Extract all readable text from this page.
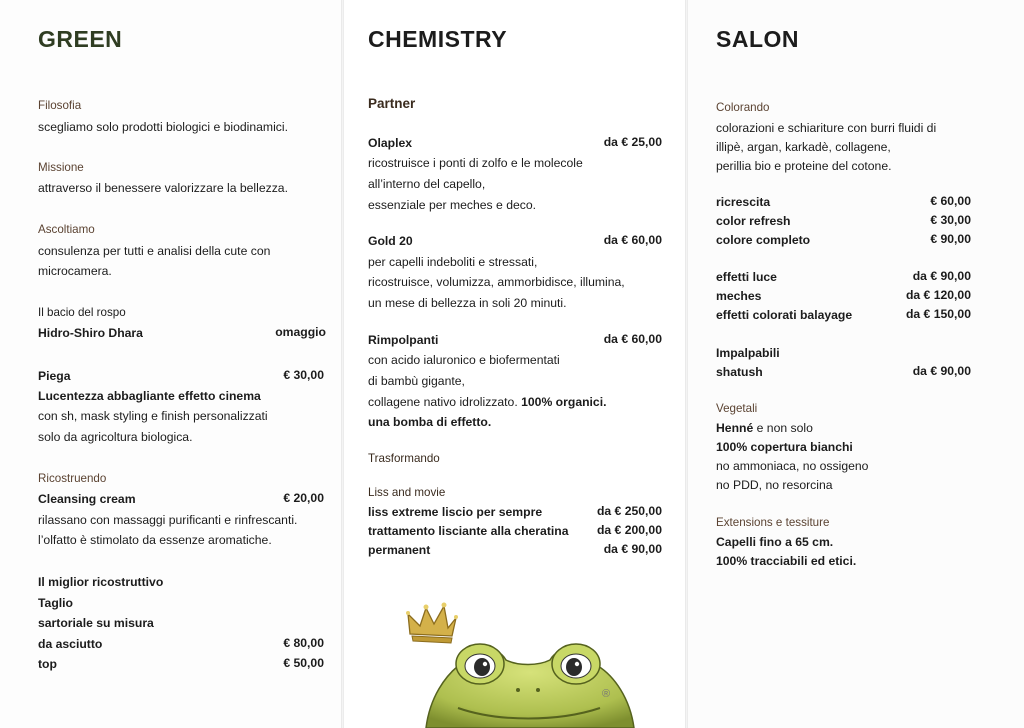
GREEN
Filosofia
scegliamo solo prodotti biologici e biodinamici.
Missione
attraverso il benessere valorizzare la bellezza.
Ascoltiamo
consulenza per tutti e analisi della cute con
microcamera.
Il bacio del rospo
Hidro-Shiro Dhara	omaggio
Piega	€ 30,00
Lucentezza abbagliante effetto cinema
con sh, mask styling e finish personalizzati
solo da agricoltura biologica.
Ricostruendo
Cleansing cream	€ 20,00
rilassano con massaggi purificanti e rinfrescanti.
l’olfatto è stimolato da essenze aromatiche.
Il miglior ricostruttivo
Taglio
sartoriale su misura
da asciutto	€ 80,00
top	€ 50,00
CHEMISTRY
Partner
Olaplex	da € 25,00
ricostruisce i ponti di zolfo e le molecole
all’interno del capello,
essenziale per meches e deco.
Gold 20	da € 60,00
per capelli indeboliti e stressati,
ricostruisce, volumizza, ammorbidisce, illumina,
un mese di bellezza in soli 20 minuti.
Rimpolpanti	da € 60,00
con acido ialuronico e biofermentati
di bambù gigante,
collagene nativo idrolizzato. 100% organici.
una bomba di effetto.
Trasformando
Liss and movie
liss extreme liscio per sempre	da € 250,00
trattamento lisciante alla cheratina da € 200,00
permanent	da € 90,00
®
SALON
Colorando
colorazioni e schiariture con burri fluidi di
illipè, argan, karkadè, collagene,
perillia bio e proteine del cotone.
ricrescita	€ 60,00
color refresh	€ 30,00
colore completo	€ 90,00
effetti luce	da € 90,00
meches	da € 120,00
effetti colorati balayage	da € 150,00
Impalpabili
shatush	da € 90,00
Vegetali
Henné e non solo
100% copertura bianchi
no ammoniaca, no ossigeno
no PDD, no resorcina
Extensions e tessiture
Capelli fino a 65 cm.
100% tracciabili ed etici.
